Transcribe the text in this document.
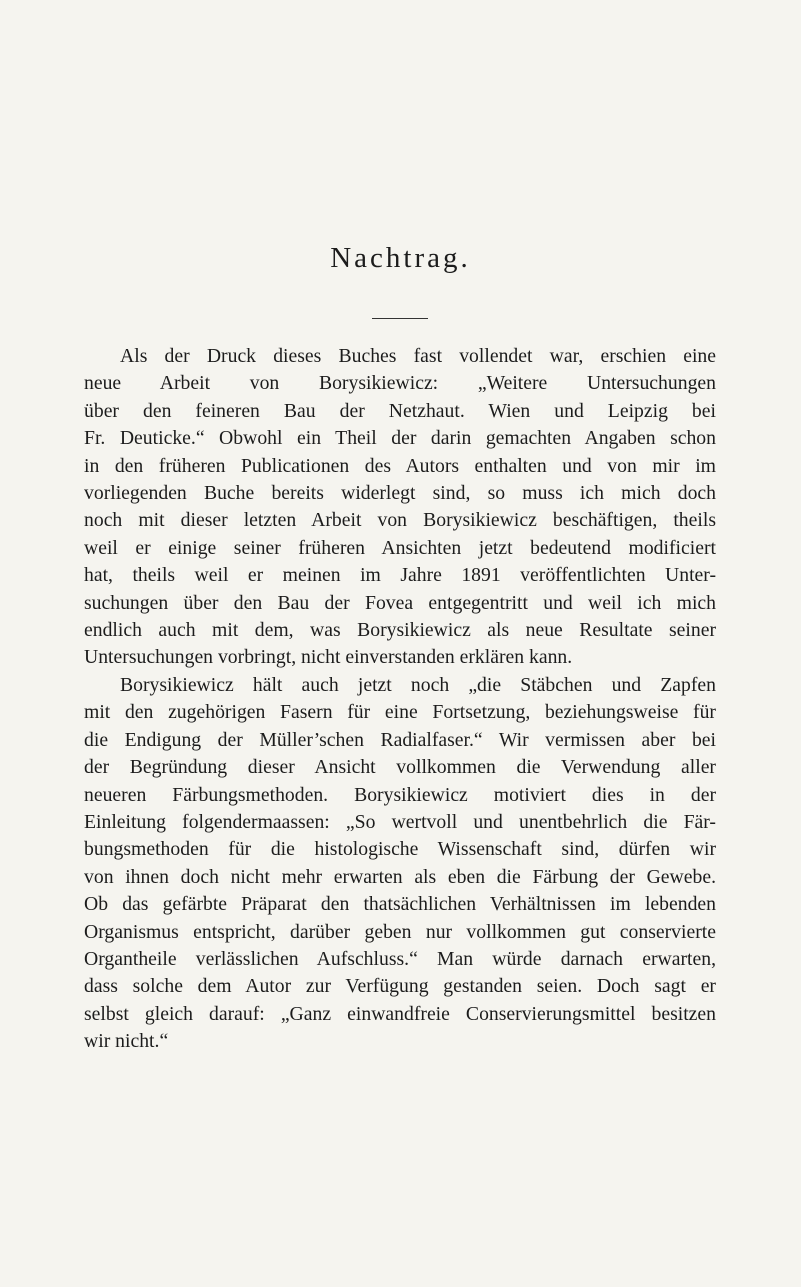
Nachtrag.
Als der Druck dieses Buches fast vollendet war, erschien eine
neue Arbeit von Borysikiewicz: „Weitere Untersuchungen
über den feineren Bau der Netzhaut. Wien und Leipzig bei
Fr. Deuticke.“ Obwohl ein Theil der darin gemachten Angaben schon
in den früheren Publicationen des Autors enthalten und von mir im
vorliegenden Buche bereits widerlegt sind, so muss ich mich doch
noch mit dieser letzten Arbeit von Borysikiewicz beschäftigen, theils
weil er einige seiner früheren Ansichten jetzt bedeutend modificiert
hat, theils weil er meinen im Jahre 1891 veröffentlichten Unter-
suchungen über den Bau der Fovea entgegentritt und weil ich mich
endlich auch mit dem, was Borysikiewicz als neue Resultate seiner
Untersuchungen vorbringt, nicht einverstanden erklären kann.
Borysikiewicz hält auch jetzt noch „die Stäbchen und Zapfen
mit den zugehörigen Fasern für eine Fortsetzung, beziehungsweise für
die Endigung der Müller’schen Radialfaser.“ Wir vermissen aber bei
der Begründung dieser Ansicht vollkommen die Verwendung aller
neueren Färbungsmethoden. Borysikiewicz motiviert dies in der
Einleitung folgendermaassen: „So wertvoll und unentbehrlich die Fär-
bungsmethoden für die histologische Wissenschaft sind, dürfen wir
von ihnen doch nicht mehr erwarten als eben die Färbung der Gewebe.
Ob das gefärbte Präparat den thatsächlichen Verhältnissen im lebenden
Organismus entspricht, darüber geben nur vollkommen gut conservierte
Organtheile verlässlichen Aufschluss.“ Man würde darnach erwarten,
dass solche dem Autor zur Verfügung gestanden seien. Doch sagt er
selbst gleich darauf: „Ganz einwandfreie Conservierungsmittel besitzen
wir nicht.“
